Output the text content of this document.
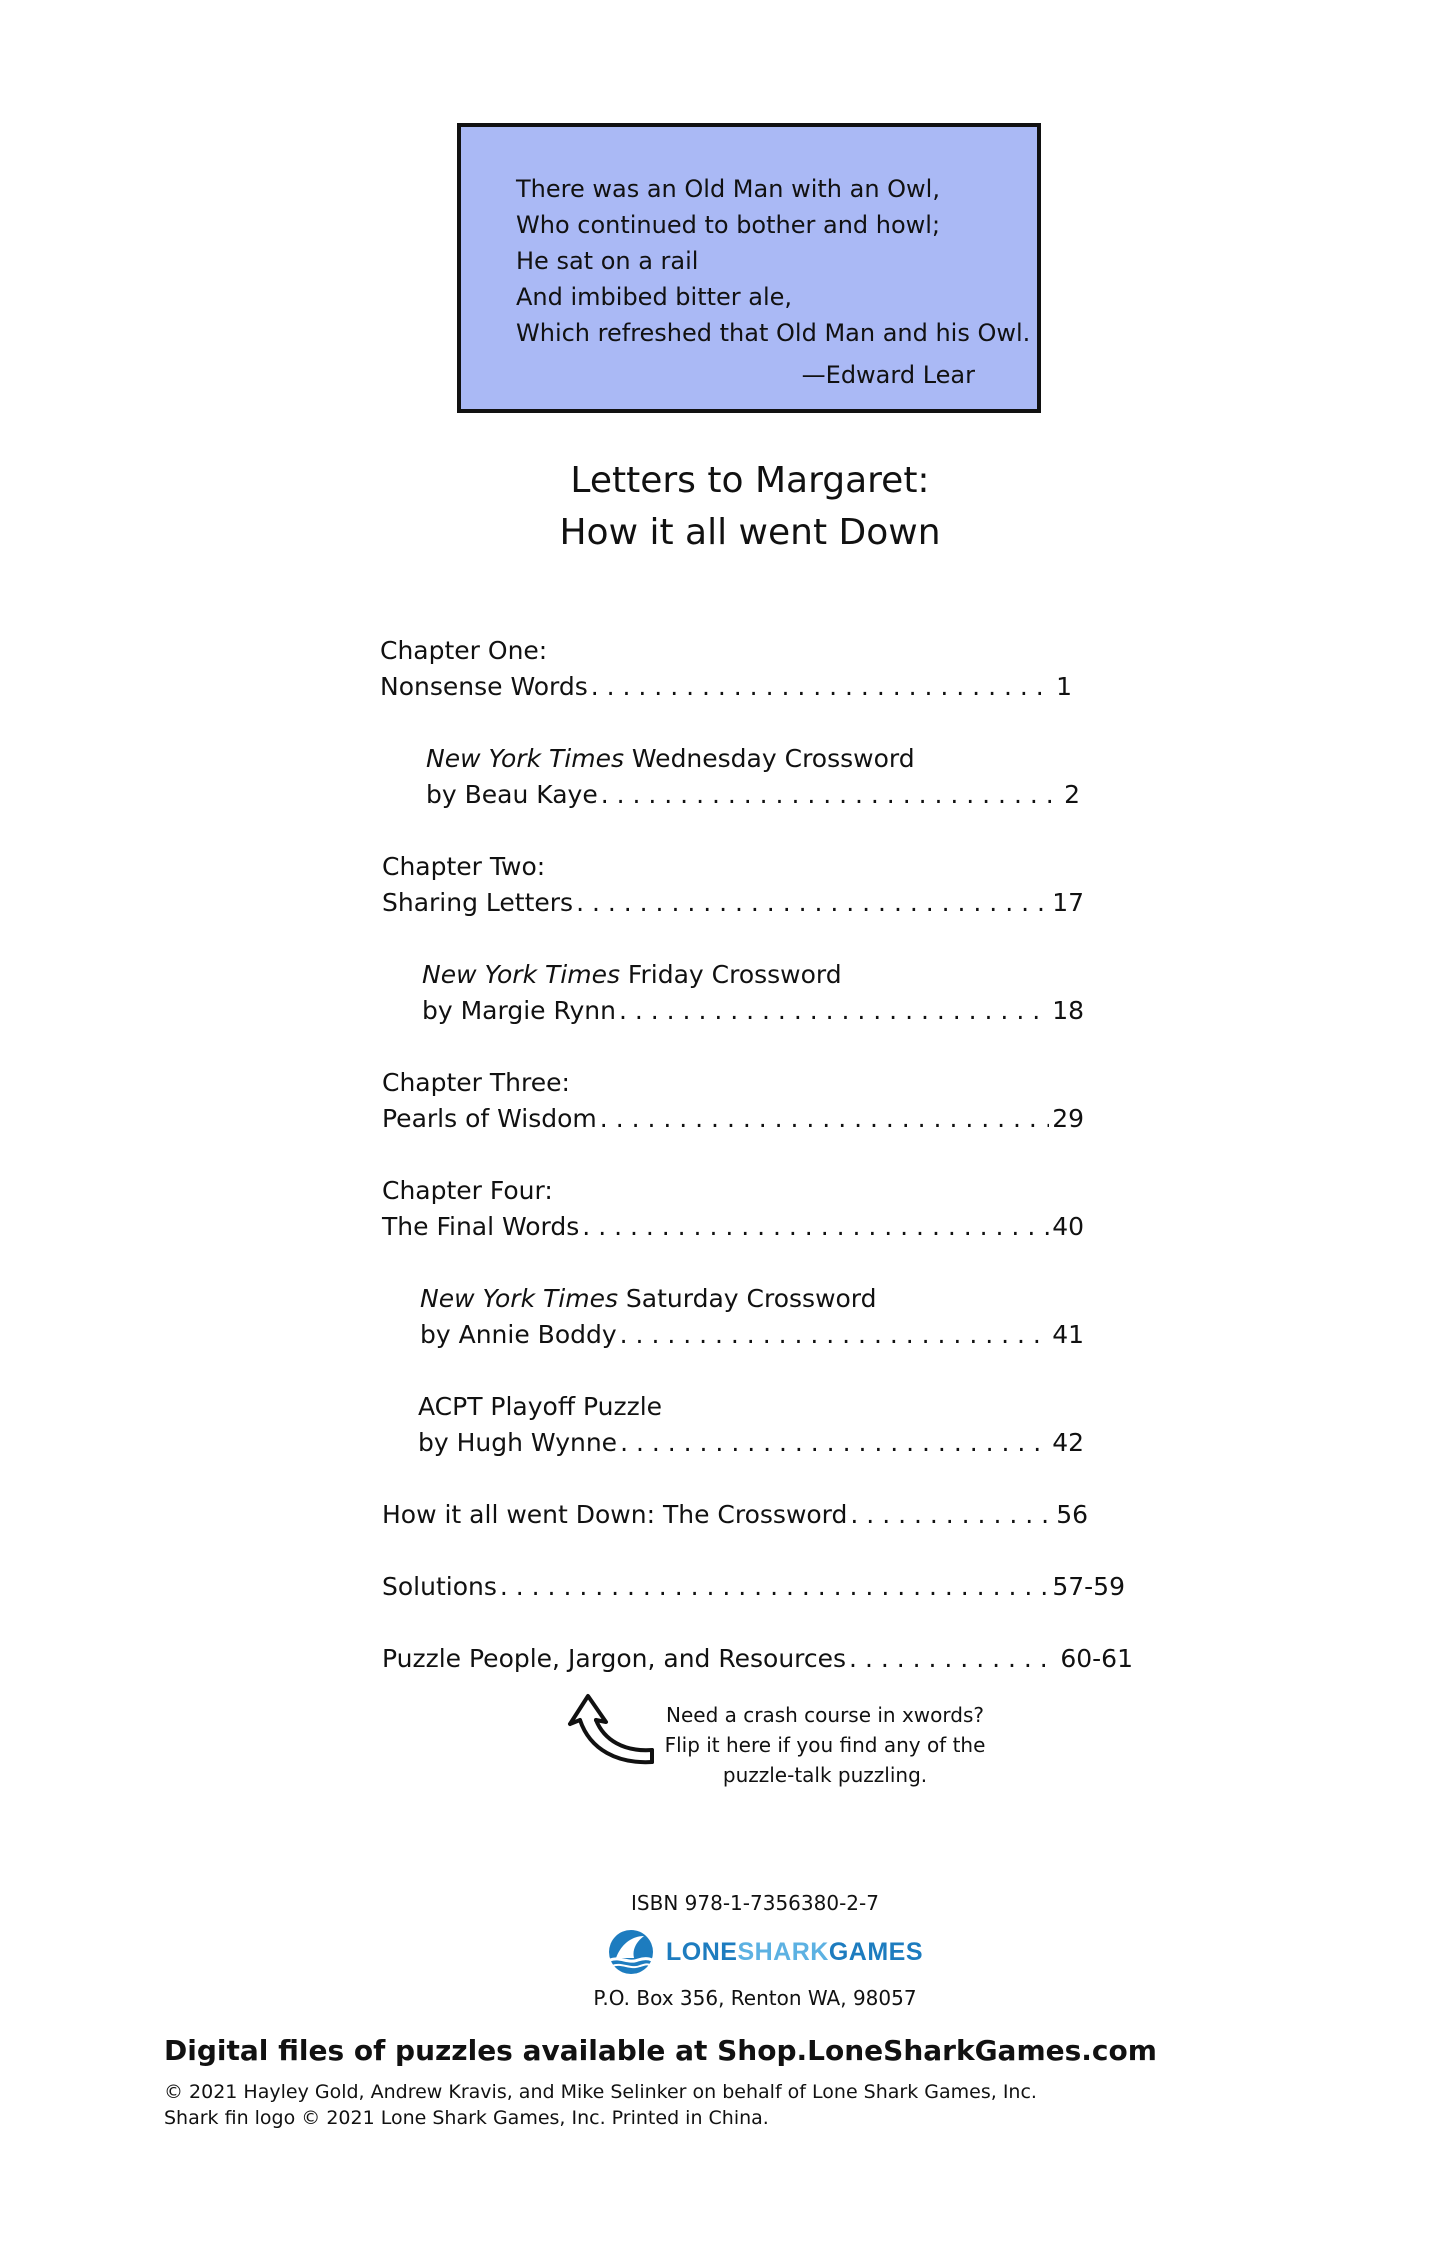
There was an Old Man with an Owl,
Who continued to bother and howl;
He sat on a rail
And imbibed bitter ale,
Which refreshed that Old Man and his Owl.
—Edward Lear
Letters to Margaret:
How it all went Down
Chapter One:
Nonsense Words . . .	1
New York Times Wednesday Crossword
by Beau Kaye . . .	2
Chapter Two:
Sharing Letters . . .	17
New York Times Friday Crossword
by Margie Rynn . . .	18
Chapter Three:
Pearls of Wisdom . . .	29
Chapter Four:
The Final Words . . .	40
New York Times Saturday Crossword
by Annie Boddy . . .	41
ACPT Playoff Puzzle
by Hugh Wynne . . .	42
How it all went Down: The Crossword . . .	56
Solutions . . .	57-59
Puzzle People, Jargon, and Resources . . .	60-61
Need a crash course in xwords?
Flip it here if you find any of the
puzzle-talk puzzling.
ISBN 978-1-7356380-2-7
LONESHARKGAMES
P.O. Box 356, Renton WA, 98057
Digital files of puzzles available at Shop.LoneSharkGames.com
© 2021 Hayley Gold, Andrew Kravis, and Mike Selinker on behalf of Lone Shark Games, Inc.
Shark fin logo © 2021 Lone Shark Games, Inc. Printed in China.
